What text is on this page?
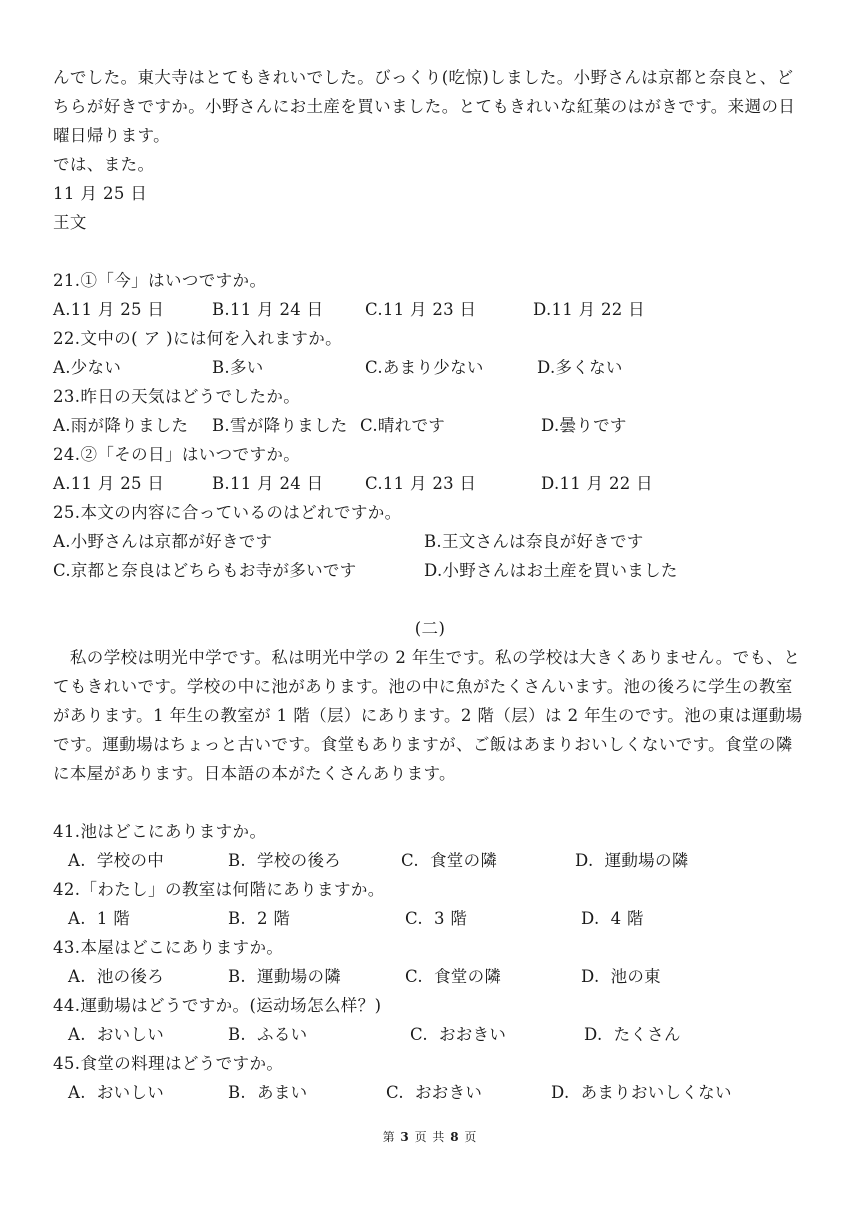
んでした。東大寺はとてもきれいでした。びっくり(吃惊)しました。小野さんは京都と奈良と、ど
ちらが好きですか。小野さんにお土産を買いました。とてもきれいな紅葉のはがきです。来週の日
曜日帰ります。
では、また。
11 月 25 日
王文
21.①「今」はいつですか。
A.11 月 25 日	B.11 月 24 日	C.11 月 23 日	D.11 月 22 日
22.文中の( ア )には何を入れますか。
A.少ない	B.多い	C.あまり少ない	D.多くない
23.昨日の天気はどうでしたか。
A.雨が降りました B.雪が降りました C.晴れです	D.曇りです
24.②「その日」はいつですか。
A.11 月 25 日	B.11 月 24 日	C.11 月 23 日	D.11 月 22 日
25.本文の内容に合っているのはどれですか。
A.小野さんは京都が好きです	B.王文さんは奈良が好きです
C.京都と奈良はどちらもお寺が多いです	D.小野さんはお土産を買いました
(二)
　私の学校は明光中学です。私は明光中学の 2 年生です。私の学校は大きくありません。でも、と
てもきれいです。学校の中に池があります。池の中に魚がたくさんいます。池の後ろに学生の教室
があります。1 年生の教室が 1 階（层）にあります。2 階（层）は 2 年生のです。池の東は運動場
です。運動場はちょっと古いです。食堂もありますが、ご飯はあまりおいしくないです。食堂の隣
に本屋があります。日本語の本がたくさんあります。
41.池はどこにありますか。
A.  学校の中	B.  学校の後ろ	C.  食堂の隣	D.  運動場の隣
42.「わたし」の教室は何階にありますか。
A.  1 階	B.  2 階	C.  3 階	D.  4 階
43.本屋はどこにありますか。
A.  池の後ろ	B.  運動場の隣	C.  食堂の隣	D.  池の東
44.運動場はどうですか。(运动场怎么样？)
A.  おいしい	B.  ふるい	C.  おおきい	D.  たくさん
45.食堂の料理はどうですか。
A.  おいしい	B.  あまい	C.  おおきい	D.  あまりおいしくない
第 3 页 共 8 页
